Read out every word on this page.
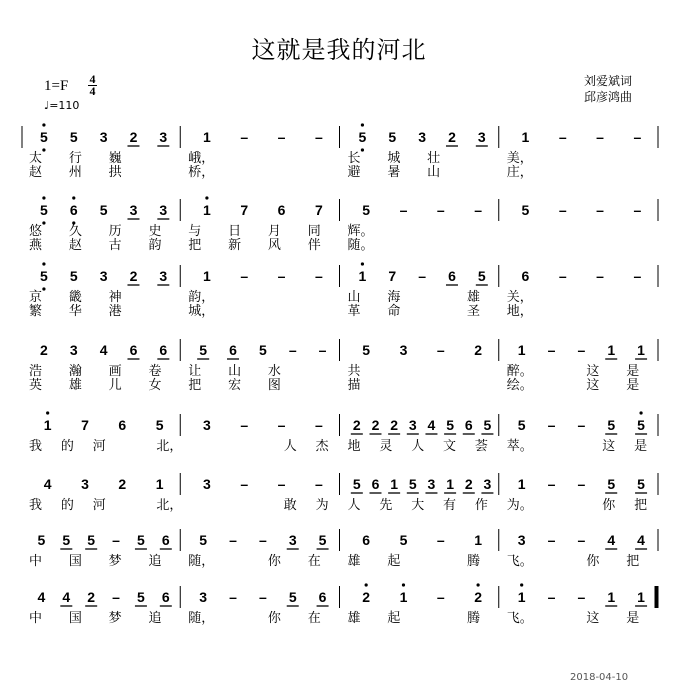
这就是我的河北
1=F 4
4
♩=110
刘爱斌词
邱彦鸿曲
5 5 3 2 3	1 – – –	5 5 3 2 3	1 – – –
太 行 巍	峨，	长 城 壮	美，
赵 州 拱	桥，	避 暑 山	庄，
5 6 5 3 3	1 7 6 7	5 – – –	5 – – –
悠 久 历 史 与 日 月 同 辉。
燕 赵 古 韵 把 新 风 伴 随。
5 5 3 2 3	1 – – –	1 7 – 6 5	6 – – –
京 畿 神	韵，	山 海	雄 关，
繁 华 港	城，	革 命	圣 地，
2 3 4 6 6 5 6 5 – –	5 3 – 2	1 – – 1 1
浩 瀚 画 卷 让 山 水	共	醉。	这 是
英 雄 儿 女 把 宏 图	描	绘。	这 是
1 7 6 5	3 – – – 2 2 2 3 4 5 6 5 5 – – 5 5
我 的 河	北，	人 杰 地 灵 人 文 荟 萃。	这 是
4 3 2 1	3 – – – 5 6 1 5 3 1 2 3 1 – – 5 5
我 的 河	北，	敢 为 人 先 大 有 作 为。	你 把
5 5 5 – 5 6 5 – – 3 5	6 5 – 1	3 – – 4 4
中 国 梦 追 随，	你 在 雄 起	腾 飞。	你 把
4 4 2 – 5 6 3 – – 5 6	2 1 – 2	1 – – 1 1
中 国 梦 追 随，	你 在 雄 起	腾 飞。	这 是
2018-04-10
